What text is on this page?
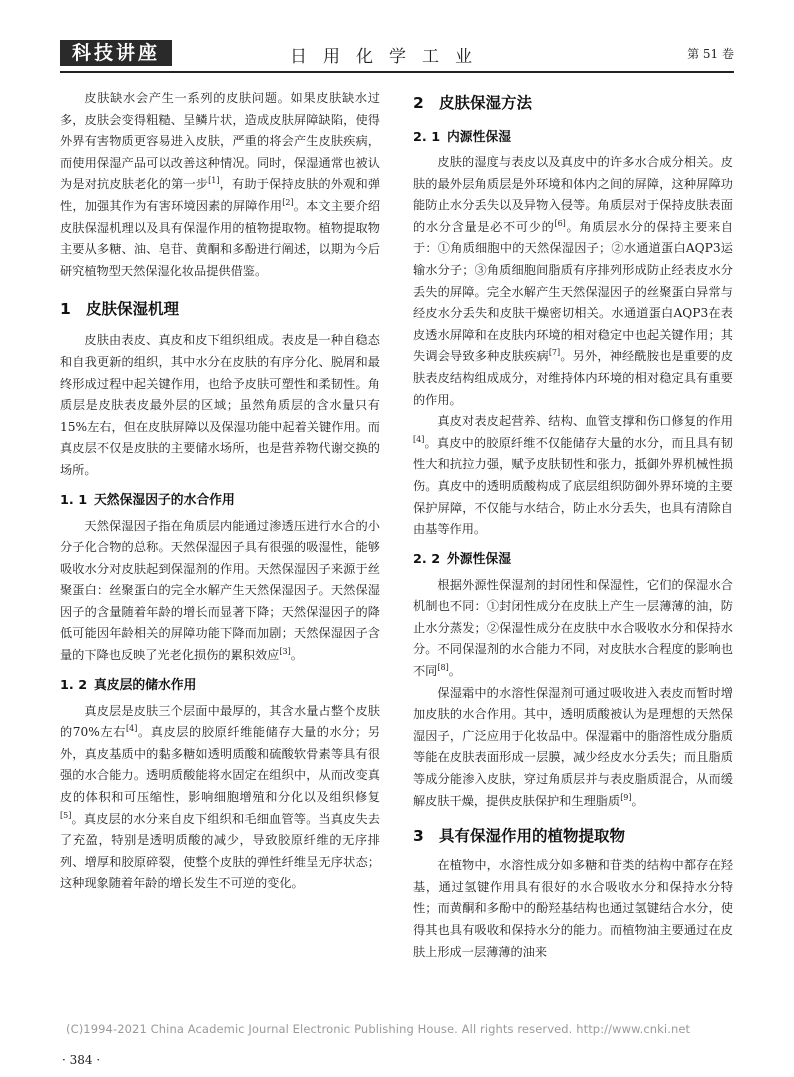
科技讲座	日用化学工业	第 51 卷

皮肤缺水会产生一系列的皮肤问题。如果皮肤缺水过多，皮肤会变得粗糙、呈鳞片状，造成皮肤屏障缺陷，使得外界有害物质更容易进入皮肤，严重的将会产生皮肤疾病，而使用保湿产品可以改善这种情况。同时，保湿通常也被认为是对抗皮肤老化的第一步[1]，有助于保持皮肤的外观和弹性，加强其作为有害环境因素的屏障作用[2]。本文主要介绍皮肤保湿机理以及具有保湿作用的植物提取物。植物提取物主要从多糖、油、皂苷、黄酮和多酚进行阐述，以期为今后研究植物型天然保湿化妆品提供借鉴。

1 皮肤保湿机理

皮肤由表皮、真皮和皮下组织组成。表皮是一种自稳态和自我更新的组织，其中水分在皮肤的有序分化、脱屑和最终形成过程中起关键作用，也给予皮肤可塑性和柔韧性。角质层是皮肤表皮最外层的区域；虽然角质层的含水量只有15%左右，但在皮肤屏障以及保湿功能中起着关键作用。而真皮层不仅是皮肤的主要储水场所，也是营养物代谢交换的场所。

1. 1 天然保湿因子的水合作用

天然保湿因子指在角质层内能通过渗透压进行水合的小分子化合物的总称。天然保湿因子具有很强的吸湿性，能够吸收水分对皮肤起到保湿剂的作用。天然保湿因子来源于丝聚蛋白：丝聚蛋白的完全水解产生天然保湿因子。天然保湿因子的含量随着年龄的增长而显著下降；天然保湿因子的降低可能因年龄相关的屏障功能下降而加剧；天然保湿因子含量的下降也反映了光老化损伤的累积效应[3]。

1. 2 真皮层的储水作用

真皮层是皮肤三个层面中最厚的，其含水量占整个皮肤的70%左右[4]。真皮层的胶原纤维能储存大量的水分；另外，真皮基质中的黏多糖如透明质酸和硫酸软骨素等具有很强的水合能力。透明质酸能将水固定在组织中，从而改变真皮的体积和可压缩性，影响细胞增殖和分化以及组织修复[5]。真皮层的水分来自皮下组织和毛细血管等。当真皮失去了充盈，特别是透明质酸的减少，导致胶原纤维的无序排列、增厚和胶原碎裂，使整个皮肤的弹性纤维呈无序状态；这种现象随着年龄的增长发生不可逆的变化。

2 皮肤保湿方法
2. 1 内源性保湿

皮肤的湿度与表皮以及真皮中的许多水合成分相关。皮肤的最外层角质层是外环境和体内之间的屏障，这种屏障功能防止水分丢失以及异物入侵等。角质层对于保持皮肤表面的水分含量是必不可少的[6]。角质层水分的保持主要来自于：①角质细胞中的天然保湿因子；②水通道蛋白AQP3运输水分子；③角质细胞间脂质有序排列形成防止经表皮水分丢失的屏障。完全水解产生天然保湿因子的丝聚蛋白异常与经皮水分丢失和皮肤干燥密切相关。水通道蛋白AQP3在表皮透水屏障和在皮肤内环境的相对稳定中也起关键作用；其失调会导致多种皮肤疾病[7]。另外，神经酰胺也是重要的皮肤表皮结构组成成分，对维持体内环境的相对稳定具有重要的作用。

真皮对表皮起营养、结构、血管支撑和伤口修复的作用[4]。真皮中的胶原纤维不仅能储存大量的水分，而且具有韧性大和抗拉力强，赋予皮肤韧性和张力，抵御外界机械性损伤。真皮中的透明质酸构成了底层组织防御外界环境的主要保护屏障，不仅能与水结合，防止水分丢失，也具有清除自由基等作用。

2. 2 外源性保湿

根据外源性保湿剂的封闭性和保湿性，它们的保湿水合机制也不同：①封闭性成分在皮肤上产生一层薄薄的油，防止水分蒸发；②保湿性成分在皮肤中水合吸收水分和保持水分。不同保湿剂的水合能力不同，对皮肤水合程度的影响也不同[8]。

保湿霜中的水溶性保湿剂可通过吸收进入表皮而暂时增加皮肤的水合作用。其中，透明质酸被认为是理想的天然保湿因子，广泛应用于化妆品中。保湿霜中的脂溶性成分脂质等能在皮肤表面形成一层膜，减少经皮水分丢失；而且脂质等成分能渗入皮肤，穿过角质层并与表皮脂质混合，从而缓解皮肤干燥，提供皮肤保护和生理脂质[9]。

3 具有保湿作用的植物提取物

在植物中，水溶性成分如多糖和苷类的结构中都存在羟基，通过氢键作用具有很好的水合吸收水分和保持水分特性；而黄酮和多酚中的酚羟基结构也通过氢键结合水分，使得其也具有吸收和保持水分的能力。而植物油主要通过在皮肤上形成一层薄薄的油来

(C)1994-2021 China Academic Journal Electronic Publishing House. All rights reserved. http://www.cnki.net
· 384 ·
